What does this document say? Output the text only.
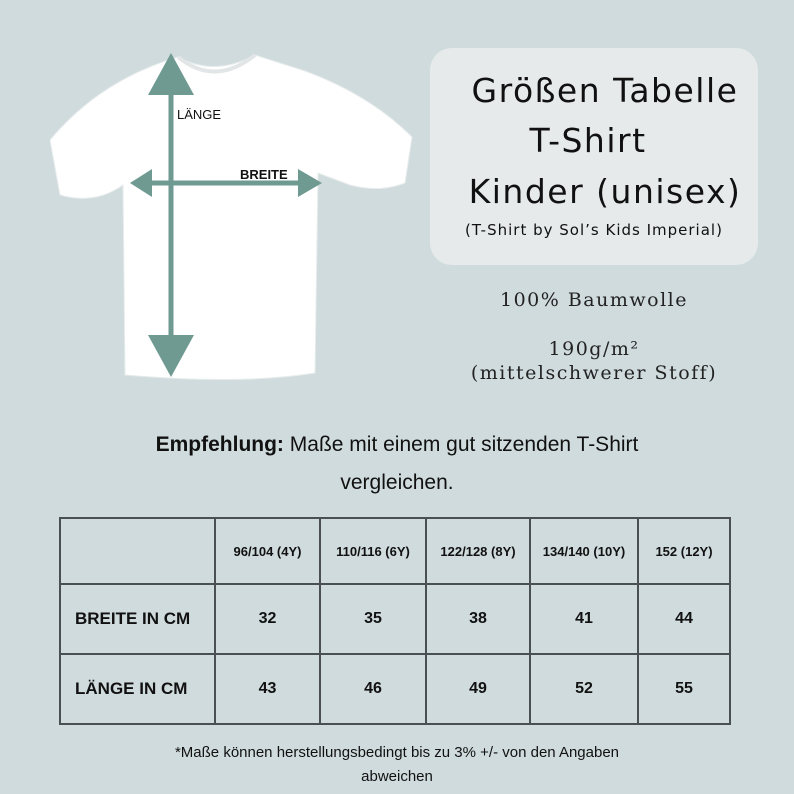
LÄNGE
BREITE
Größen Tabelle
T-Shirt
Kinder (unisex)
(T-Shirt by Sol’s Kids Imperial)
100% Baumwolle
190g/m²
(mittelschwerer Stoff)
Empfehlung: Maße mit einem gut sitzenden T-Shirt
vergleichen.
	96/104 (4Y)	110/116 (6Y)	122/128 (8Y)	134/140 (10Y)	152 (12Y)
BREITE IN CM	32	35	38	41	44
LÄNGE IN CM	43	46	49	52	55
*Maße können herstellungsbedingt bis zu 3% +/- von den Angaben
abweichen
